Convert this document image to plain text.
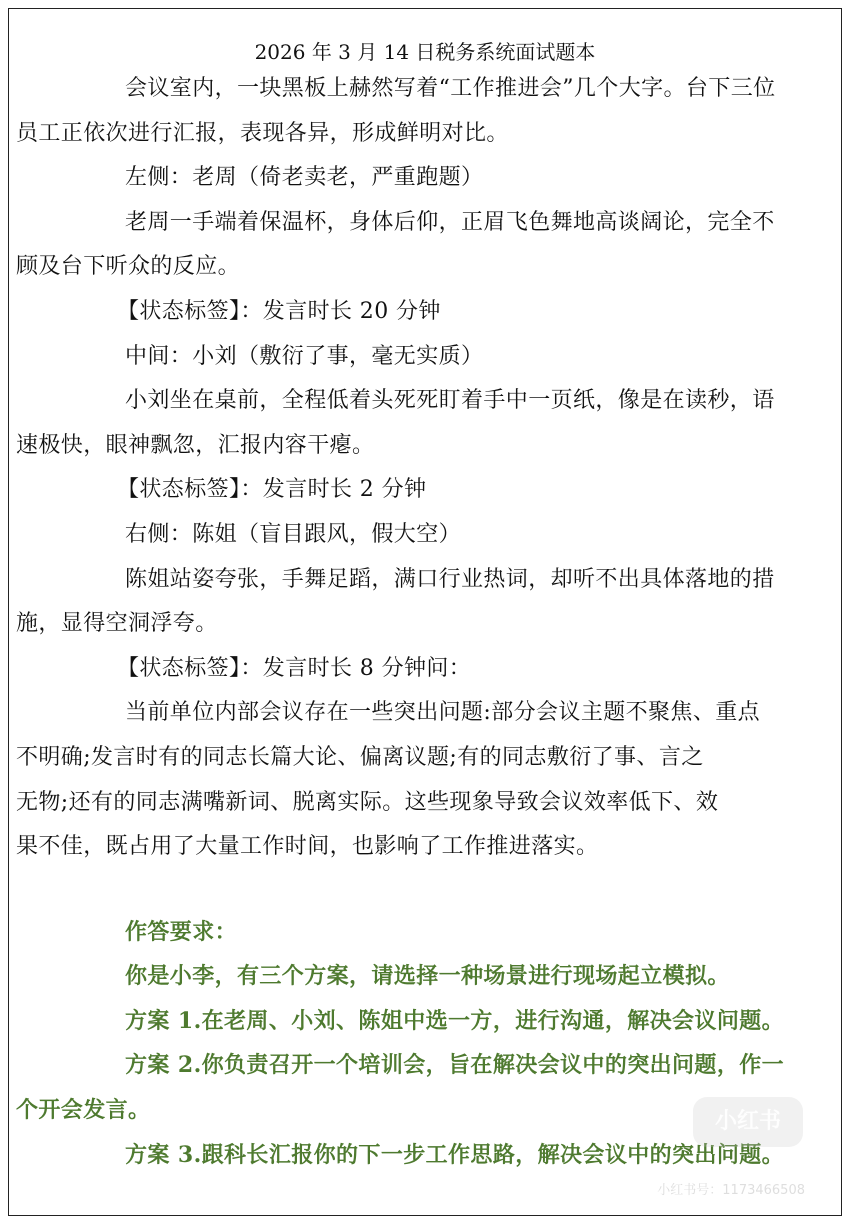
2026 年 3 月 14 日税务系统面试题本

会议室内，一块黑板上赫然写着“工作推进会”几个大字。台下三位

员工正依次进行汇报，表现各异，形成鲜明对比。

左侧：老周（倚老卖老，严重跑题）

老周一手端着保温杯，身体后仰，正眉飞色舞地高谈阔论，完全不

顾及台下听众的反应。

【状态标签】：发言时长 20 分钟

中间：小刘（敷衍了事，毫无实质）

小刘坐在桌前，全程低着头死死盯着手中一页纸，像是在读秒，语

速极快，眼神飘忽，汇报内容干瘪。

【状态标签】：发言时长 2 分钟

右侧：陈姐（盲目跟风，假大空）

陈姐站姿夸张，手舞足蹈，满口行业热词，却听不出具体落地的措

施，显得空洞浮夸。

【状态标签】：发言时长 8 分钟问：

当前单位内部会议存在一些突出问题:部分会议主题不聚焦、重点

不明确;发言时有的同志长篇大论、偏离议题;有的同志敷衍了事、言之

无物;还有的同志满嘴新词、脱离实际。这些现象导致会议效率低下、效

果不佳，既占用了大量工作时间，也影响了工作推进落实。

作答要求：

你是小李，有三个方案，请选择一种场景进行现场起立模拟。

方案 1.在老周、小刘、陈姐中选一方，进行沟通，解决会议问题。

方案 2.你负责召开一个培训会，旨在解决会议中的突出问题，作一

个开会发言。

方案 3.跟科长汇报你的下一步工作思路，解决会议中的突出问题。

小红书
小红书号：1173466508
